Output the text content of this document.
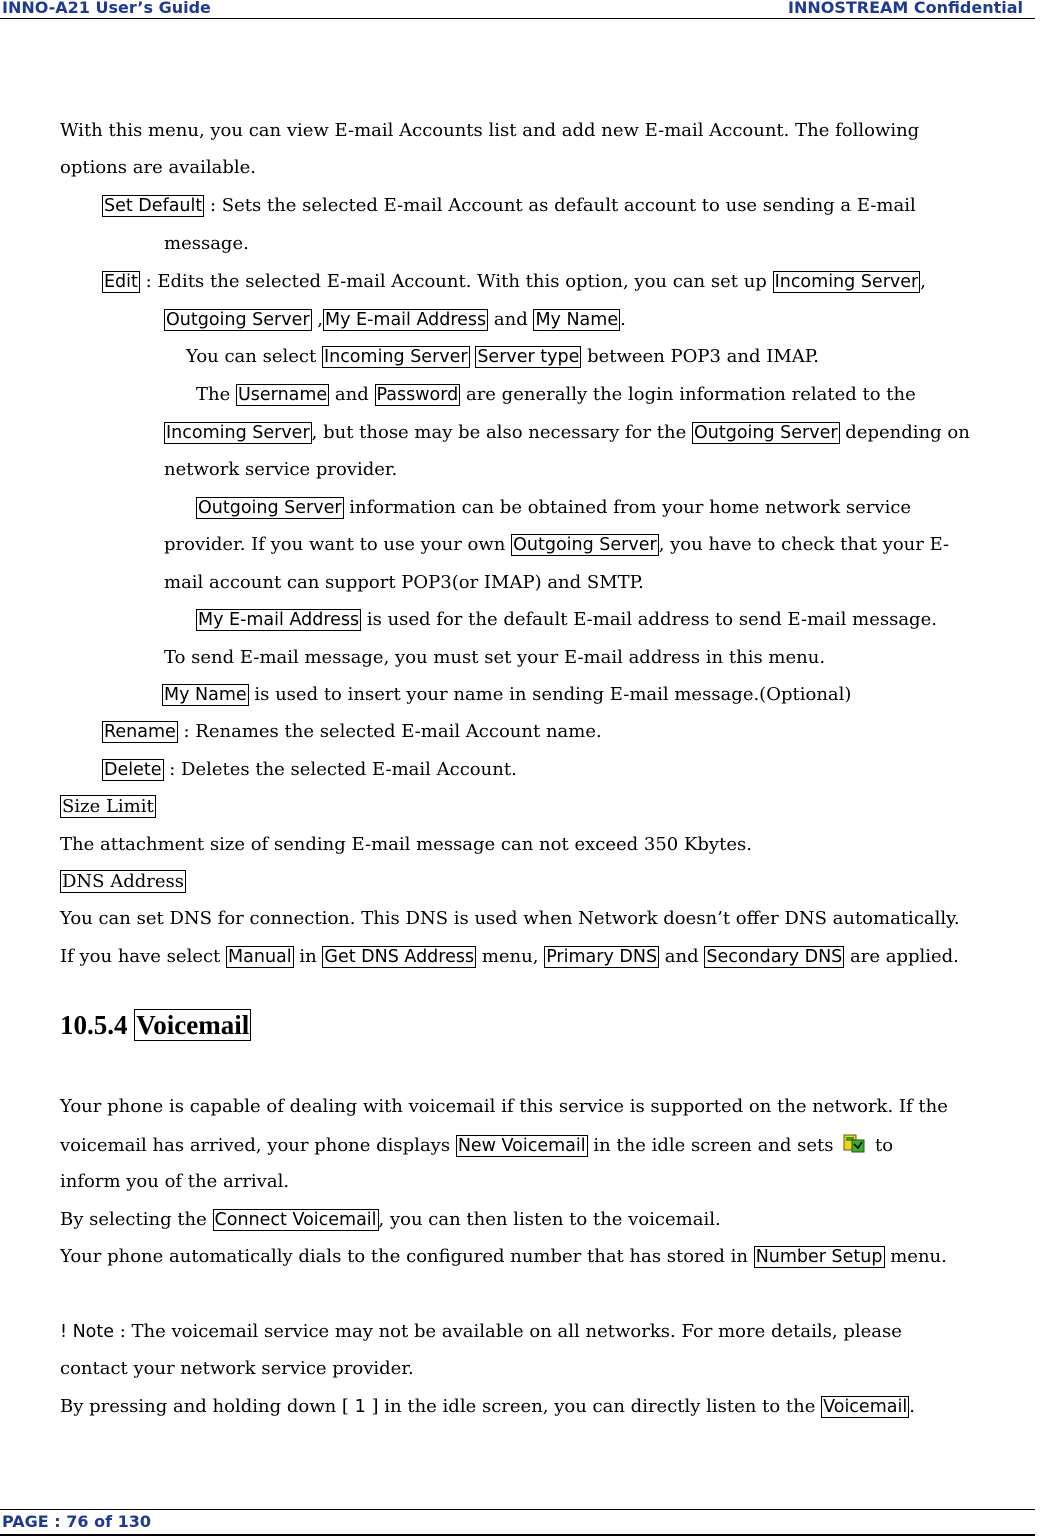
INNO-A21 User’s Guide	INNOSTREAM Confidential
With this menu, you can view E-mail Accounts list and add new E-mail Account. The following
options are available.
Set Default : Sets the selected E-mail Account as default account to use sending a E-mail
message.
Edit : Edits the selected E-mail Account. With this option, you can set up Incoming Server ,
Outgoing Server , My E-mail Address and My Name .
You can select Incoming Server Server type between POP3 and IMAP.
The Username and Password are generally the login information related to the
Incoming Server , but those may be also necessary for the Outgoing Server depending on
network service provider.
Outgoing Server information can be obtained from your home network service
provider. If you want to use your own Outgoing Server , you have to check that your E-
mail account can support POP3(or IMAP) and SMTP.
My E-mail Address is used for the default E-mail address to send E-mail message.
To send E-mail message, you must set your E-mail address in this menu.
My Name is used to insert your name in sending E-mail message.(Optional)
Rename : Renames the selected E-mail Account name.
Delete : Deletes the selected E-mail Account.
Size Limit
The attachment size of sending E-mail message can not exceed 350 Kbytes.
DNS Address
You can set DNS for connection. This DNS is used when Network doesn’t offer DNS automatically.
If you have select Manual in Get DNS Address menu, Primary DNS and Secondary DNS are applied.
10.5.4 Voicemail
Your phone is capable of dealing with voicemail if this service is supported on the network. If the
voicemail has arrived, your phone displays New Voicemail in the idle screen and sets  to
inform you of the arrival.
By selecting the Connect Voicemail , you can then listen to the voicemail.
Your phone automatically dials to the configured number that has stored in Number Setup menu.
! Note : The voicemail service may not be available on all networks. For more details, please
contact your network service provider.
By pressing and holding down [ 1 ] in the idle screen, you can directly listen to the Voicemail .
PAGE : 76 of 130
